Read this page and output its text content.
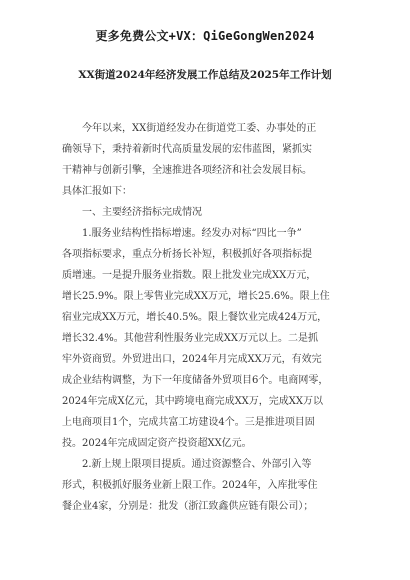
更多免费公文+VX：QiGeGongWen2024
XX街道2024年经济发展工作总结及2025年工作计划
　　今年以来，XX街道经发办在街道党工委、办事处的正
确领导下，秉持着新时代高质量发展的宏伟蓝图，紧抓实
干精神与创新引擎，全速推进各项经济和社会发展目标。
具体汇报如下：
　　一、主要经济指标完成情况
　　1.服务业结构性指标增速。经发办对标“四比一争”
各项指标要求，重点分析扬长补短，积极抓好各项指标提
质增速。一是提升服务业指数。限上批发业完成XX万元，
增长25.9%。限上零售业完成XX万元，增长25.6%。限上住
宿业完成XX万元，增长40.5%。限上餐饮业完成424万元，
增长32.4%。其他营利性服务业完成XX万元以上。二是抓
牢外资商贸。外贸进出口，2024年月完成XX万元，有效完
成企业结构调整，为下一年度储备外贸项目6个。电商网零，
2024年完成X亿元，其中跨境电商完成XX万，完成XX万以
上电商项目1个，完成共富工坊建设4个。三是推进项目固
投。2024年完成固定资产投资超XX亿元。
　　2.新上规上限项目提质。通过资源整合、外部引入等
形式，积极抓好服务业新上限工作。2024年，入库批零住
餐企业4家，分别是：批发（浙江致鑫供应链有限公司）；
